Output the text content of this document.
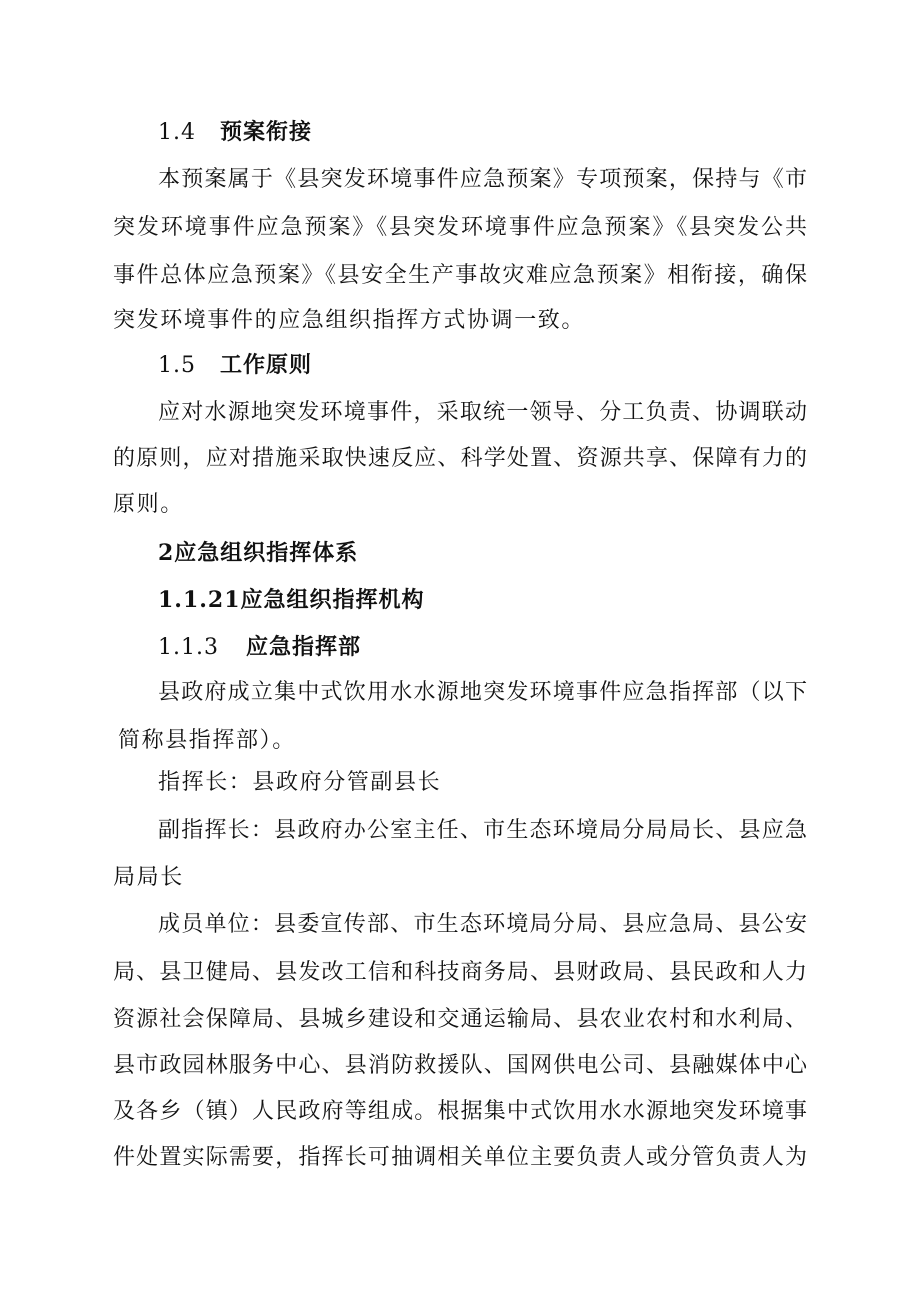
1.4 预案衔接
本预案属于《县突发环境事件应急预案》专项预案，保持与《市
突发环境事件应急预案》《县突发环境事件应急预案》《县突发公共
事件总体应急预案》《县安全生产事故灾难应急预案》相衔接，确保
突发环境事件的应急组织指挥方式协调一致。
1.5 工作原则
应对水源地突发环境事件，采取统一领导、分工负责、协调联动
的原则，应对措施采取快速反应、科学处置、资源共享、保障有力的
原则。
2应急组织指挥体系
1.1.21应急组织指挥机构
1.1.3 应急指挥部
县政府成立集中式饮用水水源地突发环境事件应急指挥部（以下
简称县指挥部）。
指挥长：县政府分管副县长
副指挥长：县政府办公室主任、市生态环境局分局局长、县应急
局局长
成员单位：县委宣传部、市生态环境局分局、县应急局、县公安
局、县卫健局、县发改工信和科技商务局、县财政局、县民政和人力
资源社会保障局、县城乡建设和交通运输局、县农业农村和水利局、
县市政园林服务中心、县消防救援队、国网供电公司、县融媒体中心
及各乡（镇）人民政府等组成。根据集中式饮用水水源地突发环境事
件处置实际需要，指挥长可抽调相关单位主要负责人或分管负责人为
